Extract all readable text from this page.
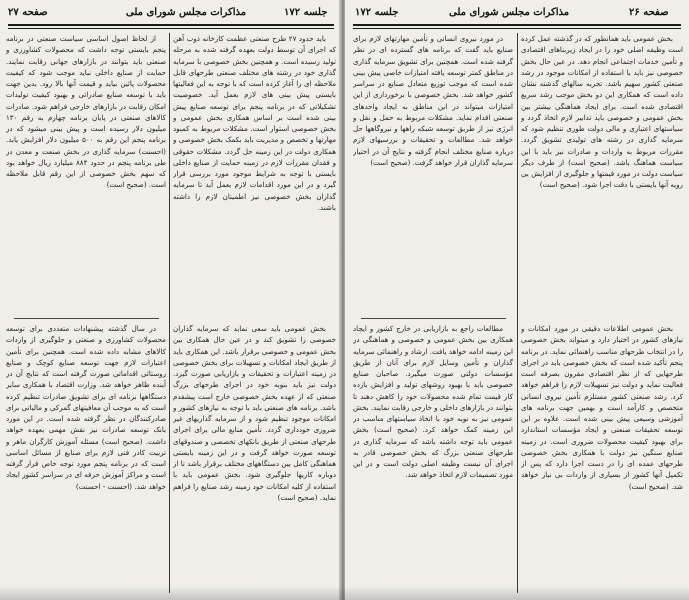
صفحه ۲۷	مذاکرات مجلس شورای ملی	جلسه ۱۷۲

باید حدود ۲۷ طرح صنعتی عظمت کارخانه ذوب آهن که اجرای آن توسط دولت بعهده گرفته شده به مرحله تولید رسیده است. و همچنین بخش خصوصی با سرمایه گذاری خود در رشته های مختلف صنعتی طرحهای قابل ملاحظه ای را آغاز کرده است که با توجه به این فعالیتها بایستی پیش بینی های لازم بعمل آید. خصوصیت تشکیلاتی که در برنامه پنجم برای توسعه صنایع پیش بینی شده است بر اساس همکاری بخش عمومی و بخش خصوصی استوار است. مشکلات مربوط به کمبود مهارتها و تخصص و مدیریت باید بکمک بخش خصوصی و همکاری دولت در این زمینه حل گردد. مشکلات حقوقی و فقدان مقررات لازم در زمینه حمایت از صنایع داخلی بایستی با توجه به شرایط موجود مورد بررسی قرار گیرد و در این مورد اقدامات لازم بعمل آید تا سرمایه گذاران بخش خصوصی نیز اطمینان لازم را داشته باشند.

بخش عمومی باید سعی نماید که سرمایه گذاران خصوصی را تشویق کند و در عین حال همکاری بین بخش عمومی و خصوصی برقرار باشد. این همکاری باید از طریق ایجاد امکانات و تسهیلات برای بخش خصوصی در زمینه اعتبارات و تحقیقات و بازاریابی صورت گیرد. دولت نیز باید بنوبه خود در اجرای طرحهای بزرگ صنعتی که از عهده بخش خصوصی خارج است پیشقدم باشد. برنامه های صنعتی باید با توجه به نیازهای کشور و امکانات موجود تنظیم شود و از سرمایه گذاریهای غیر ضروری خودداری گردد. تأمین منابع مالی برای اجرای طرحهای صنعتی از طریق بانکهای تخصصی و صندوقهای توسعه صورت خواهد گرفت و در این زمینه بایستی هماهنگی کامل بین دستگاههای مختلف برقرار باشد تا از دوباره کاریها جلوگیری شود. بخش عمومی باید با استفاده از کلیه امکانات خود زمینه رشد صنایع را فراهم نماید. (صحیح است)

از لحاظ اصول اساسی سیاست صنعتی در برنامه پنجم بایستی توجه داشت که محصولات کشاورزی و صنعتی باید بتوانند در بازارهای جهانی رقابت نمایند. حمایت از صنایع داخلی نباید موجب شود که کیفیت محصولات پائین بیاید و قیمت آنها بالا رود. بدین جهت باید با توسعه صنایع صادراتی و بهبود کیفیت تولیدات امکان رقابت در بازارهای خارجی فراهم شود. صادرات کالاهای صنعتی در پایان برنامه چهارم به رقم ۱۳۰ میلیون دلار رسیده است و پیش بینی میشود که در برنامه پنجم این رقم به ۵۰۰ میلیون دلار افزایش یابد. (احسنت) سرمایه گذاری در بخش صنعت و معدن در طی برنامه پنجم در حدود ۸۸۴ میلیارد ریال خواهد بود که سهم بخش خصوصی از این رقم قابل ملاحظه است. (صحیح است)

در سال گذشته پیشنهادات متعددی برای توسعه محصولات کشاورزی و صنعتی و جلوگیری از واردات کالاهای مشابه داده شده است. همچنین برای تأمین اعتبارات لازم جهت توسعه صنایع کوچک و صنایع روستائی اقداماتی صورت گرفته است که نتایج آن در آینده ظاهر خواهد شد. وزارت اقتصاد با همکاری سایر دستگاهها برنامه ای برای تشویق صادرات تنظیم کرده است که به موجب آن معافیتهای گمرکی و مالیاتی برای صادرکنندگان در نظر گرفته شده است. در این مورد بانک توسعه صادرات نیز نقش مهمی بعهده خواهد داشت. (صحیح است) مسئله آموزش کارگران ماهر و تربیت کادر فنی لازم برای صنایع از مسائل اساسی است که در برنامه پنجم مورد توجه خاص قرار گرفته است و مراکز آموزش حرفه ای در سراسر کشور ایجاد خواهد شد. (احسنت - احسنت)

جلسه ۱۷۲	مذاکرات مجلس شورای ملی	صفحه ۲۶

بخش عمومی باید همانطور که در گذشته عمل کرده است وظیفه اصلی خود را در ایجاد زیربناهای اقتصادی و تأمین خدمات اجتماعی انجام دهد. در عین حال بخش خصوصی نیز باید با استفاده از امکانات موجود در رشد صنعتی کشور سهیم باشد. تجربه سالهای گذشته نشان داده است که همکاری این دو بخش موجب رشد سریع اقتصادی شده است. برای ایجاد هماهنگی بیشتر بین بخش عمومی و خصوصی باید تدابیر لازم اتخاذ گردد و سیاستهای اعتباری و مالی دولت طوری تنظیم شود که سرمایه گذاری در رشته های تولیدی تشویق گردد. مقررات مربوط به واردات و صادرات نیز باید با این سیاست هماهنگ باشد. (صحیح است) از طرف دیگر سیاست دولت در مورد قیمتها و جلوگیری از افزایش بی رویه آنها بایستی با دقت اجرا شود. (صحیح است)

بخش عمومی اطلاعات دقیقی در مورد امکانات و نیازهای کشور در اختیار دارد و میتواند بخش خصوصی را در انتخاب طرحهای مناسب راهنمائی نماید. در برنامه پنجم تأکید شده است که بخش خصوصی باید در اجرای طرحهایی که از نظر اقتصادی مقرون بصرفه است فعالیت نماید و دولت نیز تسهیلات لازم را فراهم خواهد کرد. رشد صنعتی کشور مستلزم تأمین نیروی انسانی متخصص و کارآمد است و بهمین جهت برنامه های آموزشی وسیعی پیش بینی شده است. علاوه بر این توسعه تحقیقات صنعتی و ایجاد مؤسسات استاندارد برای بهبود کیفیت محصولات ضروری است. در زمینه صنایع سنگین نیز دولت با همکاری بخش خصوصی طرحهای عمده ای را در دست اجرا دارد که پس از تکمیل آنها کشور از بسیاری از واردات بی نیاز خواهد شد. (صحیح است)

در مورد نیروی انسانی و تأمین مهارتهای لازم برای صنایع باید گفت که برنامه های گسترده ای در نظر گرفته شده است. همچنین برای تشویق سرمایه گذاری در مناطق کمتر توسعه یافته امتیازات خاصی پیش بینی شده است که موجب توزیع متعادل صنایع در سراسر کشور خواهد شد. بخش خصوصی با برخورداری از این امتیازات میتواند در این مناطق به ایجاد واحدهای صنعتی اقدام نماید. مشکلات مربوط به حمل و نقل و انرژی نیز از طریق توسعه شبکه راهها و نیروگاهها حل خواهد شد. مطالعات و تحقیقات و بررسیهای لازم درباره صنایع مختلف انجام گرفته و نتایج آن در اختیار سرمایه گذاران قرار خواهد گرفت. (صحیح است)

مطالعات راجع به بازاریابی در خارج کشور و ایجاد همکاری بین بخش عمومی و خصوصی و هماهنگی در این زمینه ادامه خواهد یافت. ارشاد و راهنمائی سرمایه گذاران و تأمین وسایل لازم برای آنان از طریق مؤسسات دولتی صورت میگیرد. صاحبان صنایع خصوصی باید با بهبود روشهای تولید و افزایش بازده کار قیمت تمام شده محصولات خود را کاهش دهند تا بتوانند در بازارهای داخلی و خارجی رقابت نمایند. بخش عمومی نیز به نوبه خود با اتخاذ سیاستهای مناسب در این زمینه کمک خواهد کرد. (صحیح است) بخش عمومی باید توجه داشته باشد که سرمایه گذاری در طرحهای صنعتی بزرگ که بخش خصوصی قادر به اجرای آن نیست وظیفه اصلی دولت است و در این مورد تصمیمات لازم اتخاذ خواهد شد.
